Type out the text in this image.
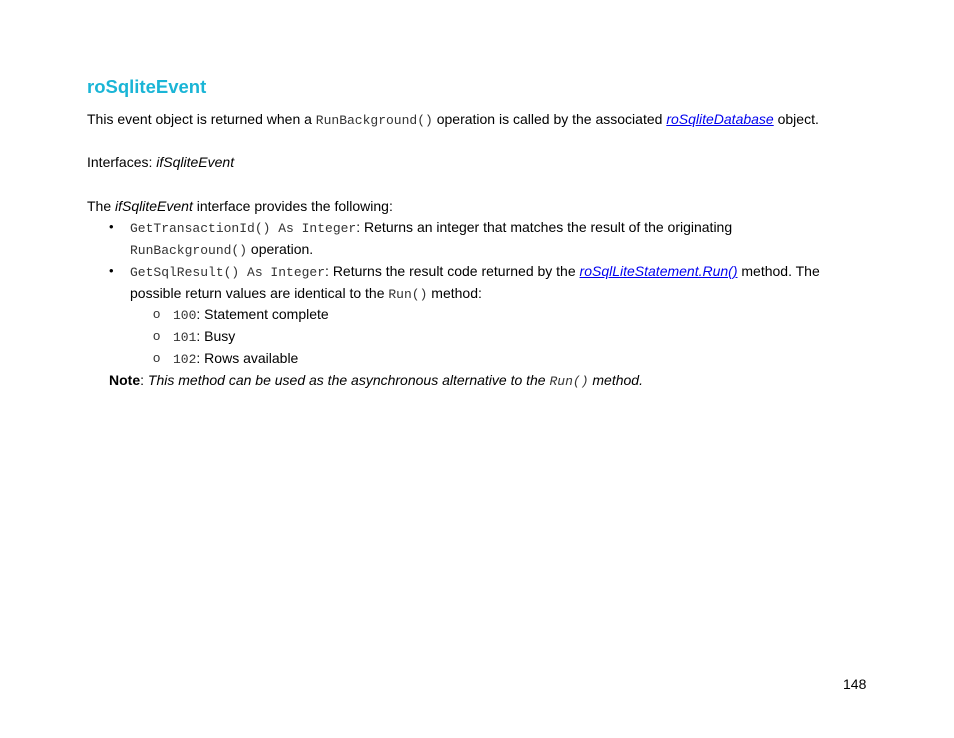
roSqliteEvent
This event object is returned when a RunBackground() operation is called by the associated roSqliteDatabase object.
Interfaces: ifSqliteEvent
The ifSqliteEvent interface provides the following:
• GetTransactionId() As Integer: Returns an integer that matches the result of the originating
RunBackground() operation.
• GetSqlResult() As Integer: Returns the result code returned by the roSqlLiteStatement.Run() method. The
possible return values are identical to the Run() method:
o 100: Statement complete
o 101: Busy
o 102: Rows available
Note: This method can be used as the asynchronous alternative to the Run() method.
148
